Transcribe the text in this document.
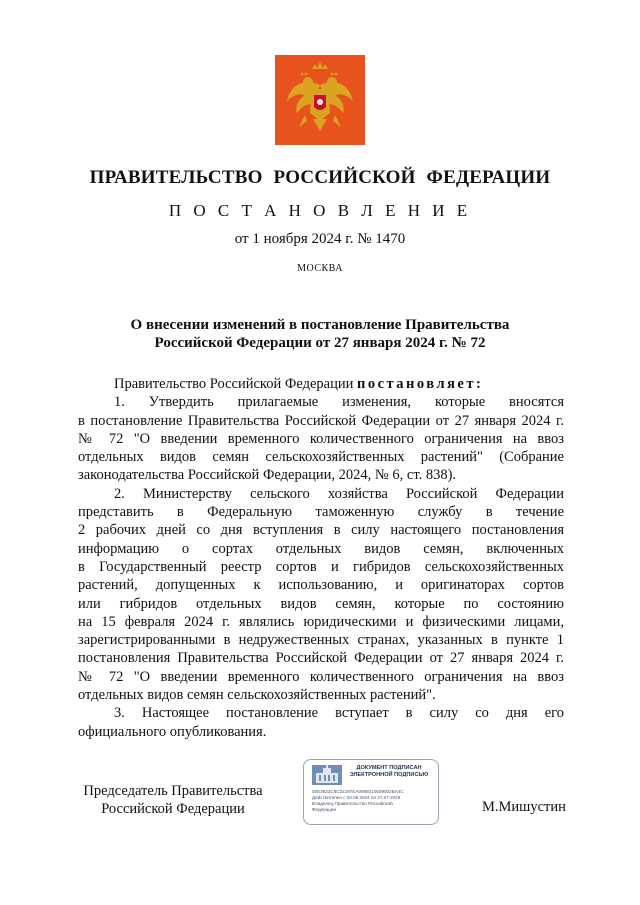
ПРАВИТЕЛЬСТВО РОССИЙСКОЙ ФЕДЕРАЦИИ
П О С Т А Н О В Л Е Н И Е
от 1 ноября 2024 г. № 1470
МОСКВА
О внесении изменений в постановление Правительства
Российской Федерации от 27 января 2024 г. № 72
Правительство Российской Федерации постановляет:
1. Утвердить прилагаемые изменения, которые вносятся
в постановление Правительства Российской Федерации от 27 января 2024 г.
№ 72 "О введении временного количественного ограничения на ввоз
отдельных видов семян сельскохозяйственных растений" (Собрание
законодательства Российской Федерации, 2024, № 6, ст. 838).
2. Министерству сельского хозяйства Российской Федерации
представить в Федеральную таможенную службу в течение
2 рабочих дней со дня вступления в силу настоящего постановления
информацию о сортах отдельных видов семян, включенных
в Государственный реестр сортов и гибридов сельскохозяйственных
растений, допущенных к использованию, и оригинаторах сортов
или гибридов отдельных видов семян, которые по состоянию
на 15 февраля 2024 г. являлись юридическими и физическими лицами,
зарегистрированными в недружественных странах, указанных в пункте 1
постановления Правительства Российской Федерации от 27 января 2024 г.
№ 72 "О введении временного количественного ограничения на ввоз
отдельных видов семян сельскохозяйственных растений".
3. Настоящее постановление вступает в силу со дня его
официального опубликования.
Председатель Правительства
Российской Федерации
ДОКУМЕНТ ПОДПИСАН
ЭЛЕКТРОННОЙ ПОДПИСЬЮ
00E3632C6C02197EA0989210009002BA4C
Действителен с 03.05.2024 по 27.07.2025
Владелец Правительство Российской
Федерации	М.Мишустин
